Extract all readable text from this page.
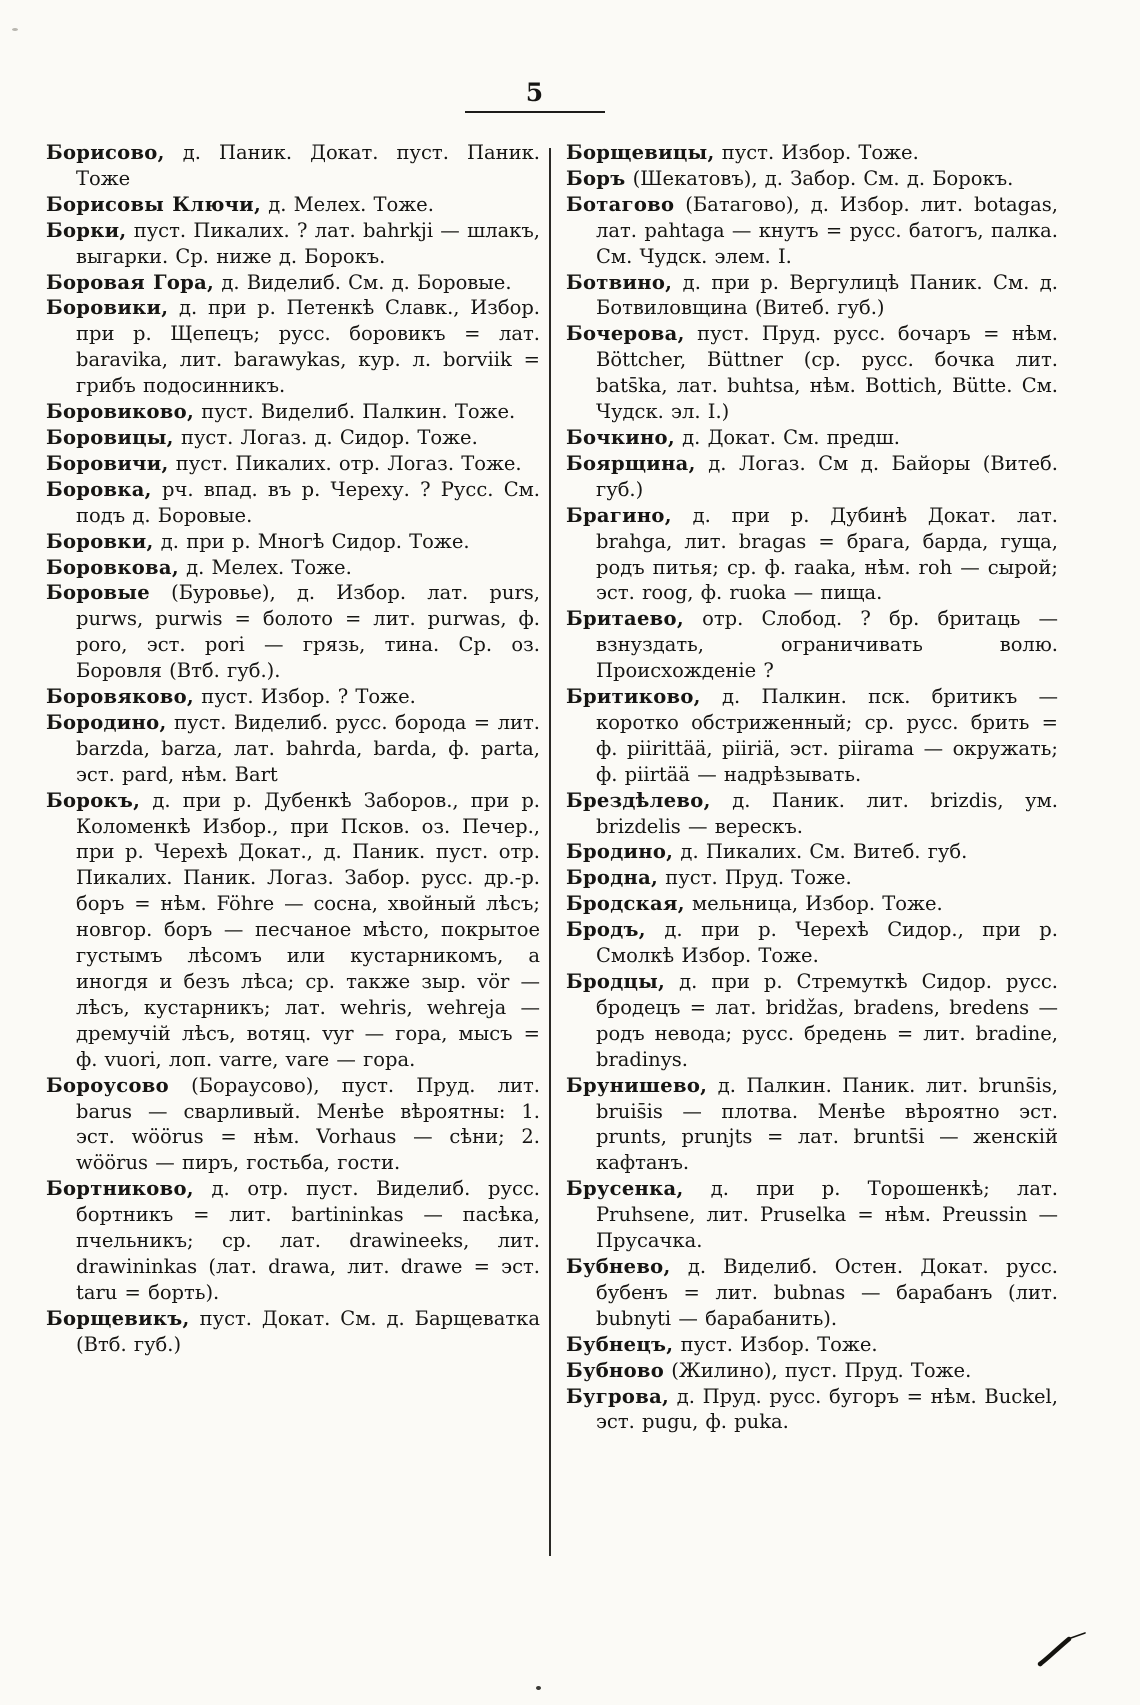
5

Борисово, д. Паник. Докат. пуст. Паник. Тоже

Борисовы Ключи, д. Мелех. Тоже.

Борки, пуст. Пикалих. ? лат. bahrkji — шлакъ, выгарки. Ср. ниже д. Борокъ.

Боровая Гора, д. Виделиб. См. д. Боровые.

Боровики, д. при р. Петенкѣ Славк., Избор. при р. Щепецъ; русс. боровикъ = лат. baravika, лит. barawykas, кур. л. borviik = грибъ подосинникъ.

Боровиково, пуст. Виделиб. Палкин. Тоже.

Боровицы, пуст. Логаз. д. Сидор. Тоже.

Боровичи, пуст. Пикалих. отр. Логаз. Тоже.

Боровка, рч. впад. въ р. Череху. ? Русс. См. подъ д. Боровые.

Боровки, д. при р. Многѣ Сидор. Тоже.

Боровкова, д. Мелех. Тоже.

Боровые (Буровье), д. Избор. лат. purs, purws, purwis = болото = лит. purwas, ф. poro, эст. pori — грязь, тина. Ср. оз. Боровля (Втб. губ.).

Боровяково, пуст. Избор. ? Тоже.

Бородино, пуст. Виделиб. русс. борода = лит. barzda, barza, лат. bahrda, barda, ф. parta, эст. pard, нѣм. Bart

Борокъ, д. при р. Дубенкѣ Заборов., при р. Коломенкѣ Избор., при Псков. оз. Печер., при р. Черехѣ Докат., д. Паник. пуст. отр. Пикалих. Паник. Логаз. Забор. русс. др.-р. боръ = нѣм. Föhre — сосна, хвойный лѣсъ; новгор. боръ — песчаное мѣсто, покрытое густымъ лѣсомъ или кустарникомъ, а иногдя и безъ лѣса; ср. также зыр. vör — лѣсъ, кустарникъ; лат. wehris, wehreja — дремучій лѣсъ, вотяц. vyr — гора, мысъ = ф. vuori, лоп. varre, vare — гора.

Бороусово (Бораусово), пуст. Пруд. лит. barus — сварливый. Менѣе вѣроятны: 1. эст. wöörus = нѣм. Vorhaus — сѣни; 2. wöörus — пиръ, гостьба, гости.

Бортниково, д. отр. пуст. Виделиб. русс. бортникъ = лит. bartininkas — пасѣка, пчельникъ; ср. лат. drawineeks, лит. drawininkas (лат. drawa, лит. drawe = эст. taru = борть).

Борщевикъ, пуст. Докат. См. д. Барщеватка (Втб. губ.)

Борщевицы, пуст. Избор. Тоже.

Боръ (Шекатовъ), д. Забор. См. д. Борокъ.

Ботагово (Батагово), д. Избор. лит. botagas, лат. pahtaga — кнутъ = русс. батогъ, палка. См. Чудск. элем. I.

Ботвино, д. при р. Вергулицѣ Паник. См. д. Ботвиловщина (Витеб. губ.)

Бочерова, пуст. Пруд. русс. бочаръ = нѣм. Böttcher, Büttner (ср. русс. бочка лит. bats̄ka, лат. buhtsa, нѣм. Bottich, Bütte. См. Чудск. эл. I.)

Бочкино, д. Докат. См. предш.

Боярщина, д. Логаз. См д. Байоры (Витеб. губ.)

Брагино, д. при р. Дубинѣ Докат. лат. brahga, лит. bragas = брага, барда, гуща, родъ питья; ср. ф. raaka, нѣм. roh — сырой; эст. roog, ф. ruoka — пища.

Бритаево, отр. Слобод. ? бр. бритаць — взнуздать, ограничивать волю. Происхожденіе ?

Бритиково, д. Палкин. пск. бритикъ — коротко обстриженный; ср. русс. брить = ф. piirittää, piiriä, эст. piirama — окружать; ф. piirtää — надрѣзывать.

Брездѣлево, д. Паник. лит. brizdis, ум. brizdelis — верескъ.

Бродино, д. Пикалих. См. Витеб. губ.

Бродна, пуст. Пруд. Тоже.

Бродская, мельница, Избор. Тоже.

Бродъ, д. при р. Черехѣ Сидор., при р. Смолкѣ Избор. Тоже.

Бродцы, д. при р. Стремуткѣ Сидор. русс. бродецъ = лат. bridžas, bradens, bredens — родъ невода; русс. бредень = лит. bradine, bradinys.

Брунишево, д. Палкин. Паник. лит. bruns̄is, bruis̄is — плотва. Менѣе вѣроятно эст. prunts, prunjts = лат. brunts̄i — женскій кафтанъ.

Брусенка, д. при р. Торошенкѣ; лат. Pruhsene, лит. Pruselka = нѣм. Preussin — Прусачка.

Бубнево, д. Виделиб. Остен. Докат. русс. бубенъ = лит. bubnas — барабанъ (лит. bubnyti — барабанить).

Бубнецъ, пуст. Избор. Тоже.

Бубново (Жилино), пуст. Пруд. Тоже.

Бугрова, д. Пруд. русс. бугоръ = нѣм. Buckel, эст. pugu, ф. puka.
